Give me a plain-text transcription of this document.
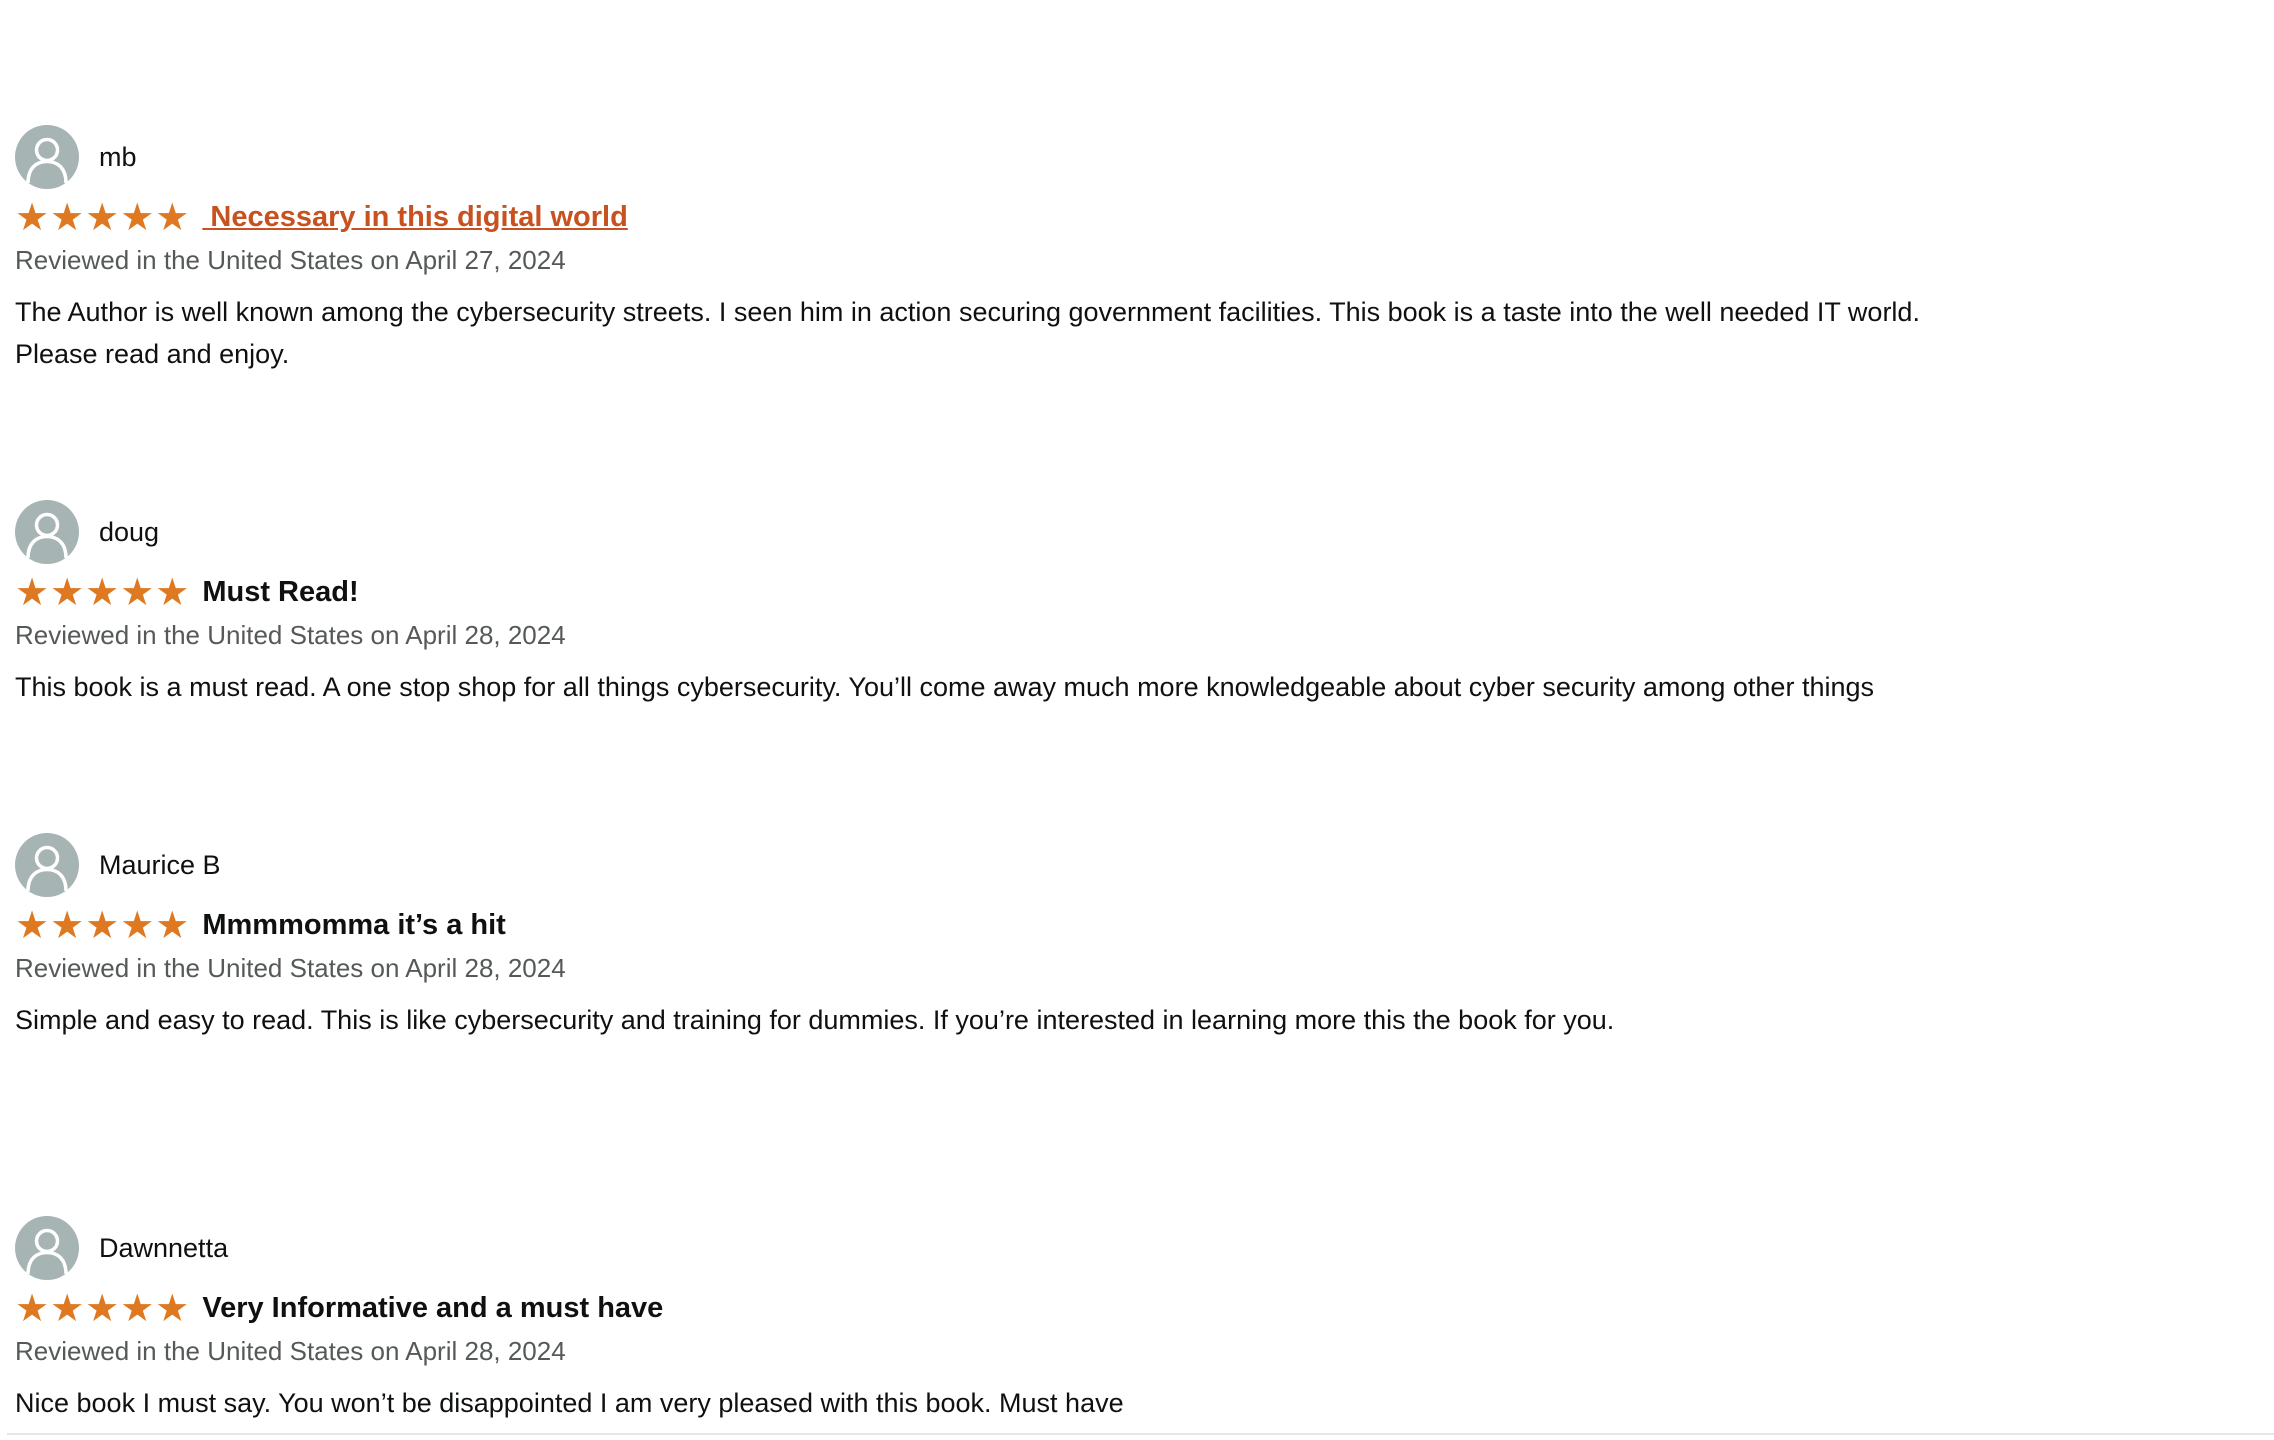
mb
★★★★★ Necessary in this digital world
Reviewed in the United States on April 27, 2024
The Author is well known among the cybersecurity streets. I seen him in action securing government facilities. This book is a taste into the well needed IT world.
Please read and enjoy.
doug
★★★★★ Must Read!
Reviewed in the United States on April 28, 2024
This book is a must read. A one stop shop for all things cybersecurity. You’ll come away much more knowledgeable about cyber security among other things
Maurice B
★★★★★ Mmmmomma it’s a hit
Reviewed in the United States on April 28, 2024
Simple and easy to read. This is like cybersecurity and training for dummies. If you’re interested in learning more this the book for you.
Dawnnetta
★★★★★ Very Informative and a must have
Reviewed in the United States on April 28, 2024
Nice book I must say. You won’t be disappointed I am very pleased with this book. Must have
